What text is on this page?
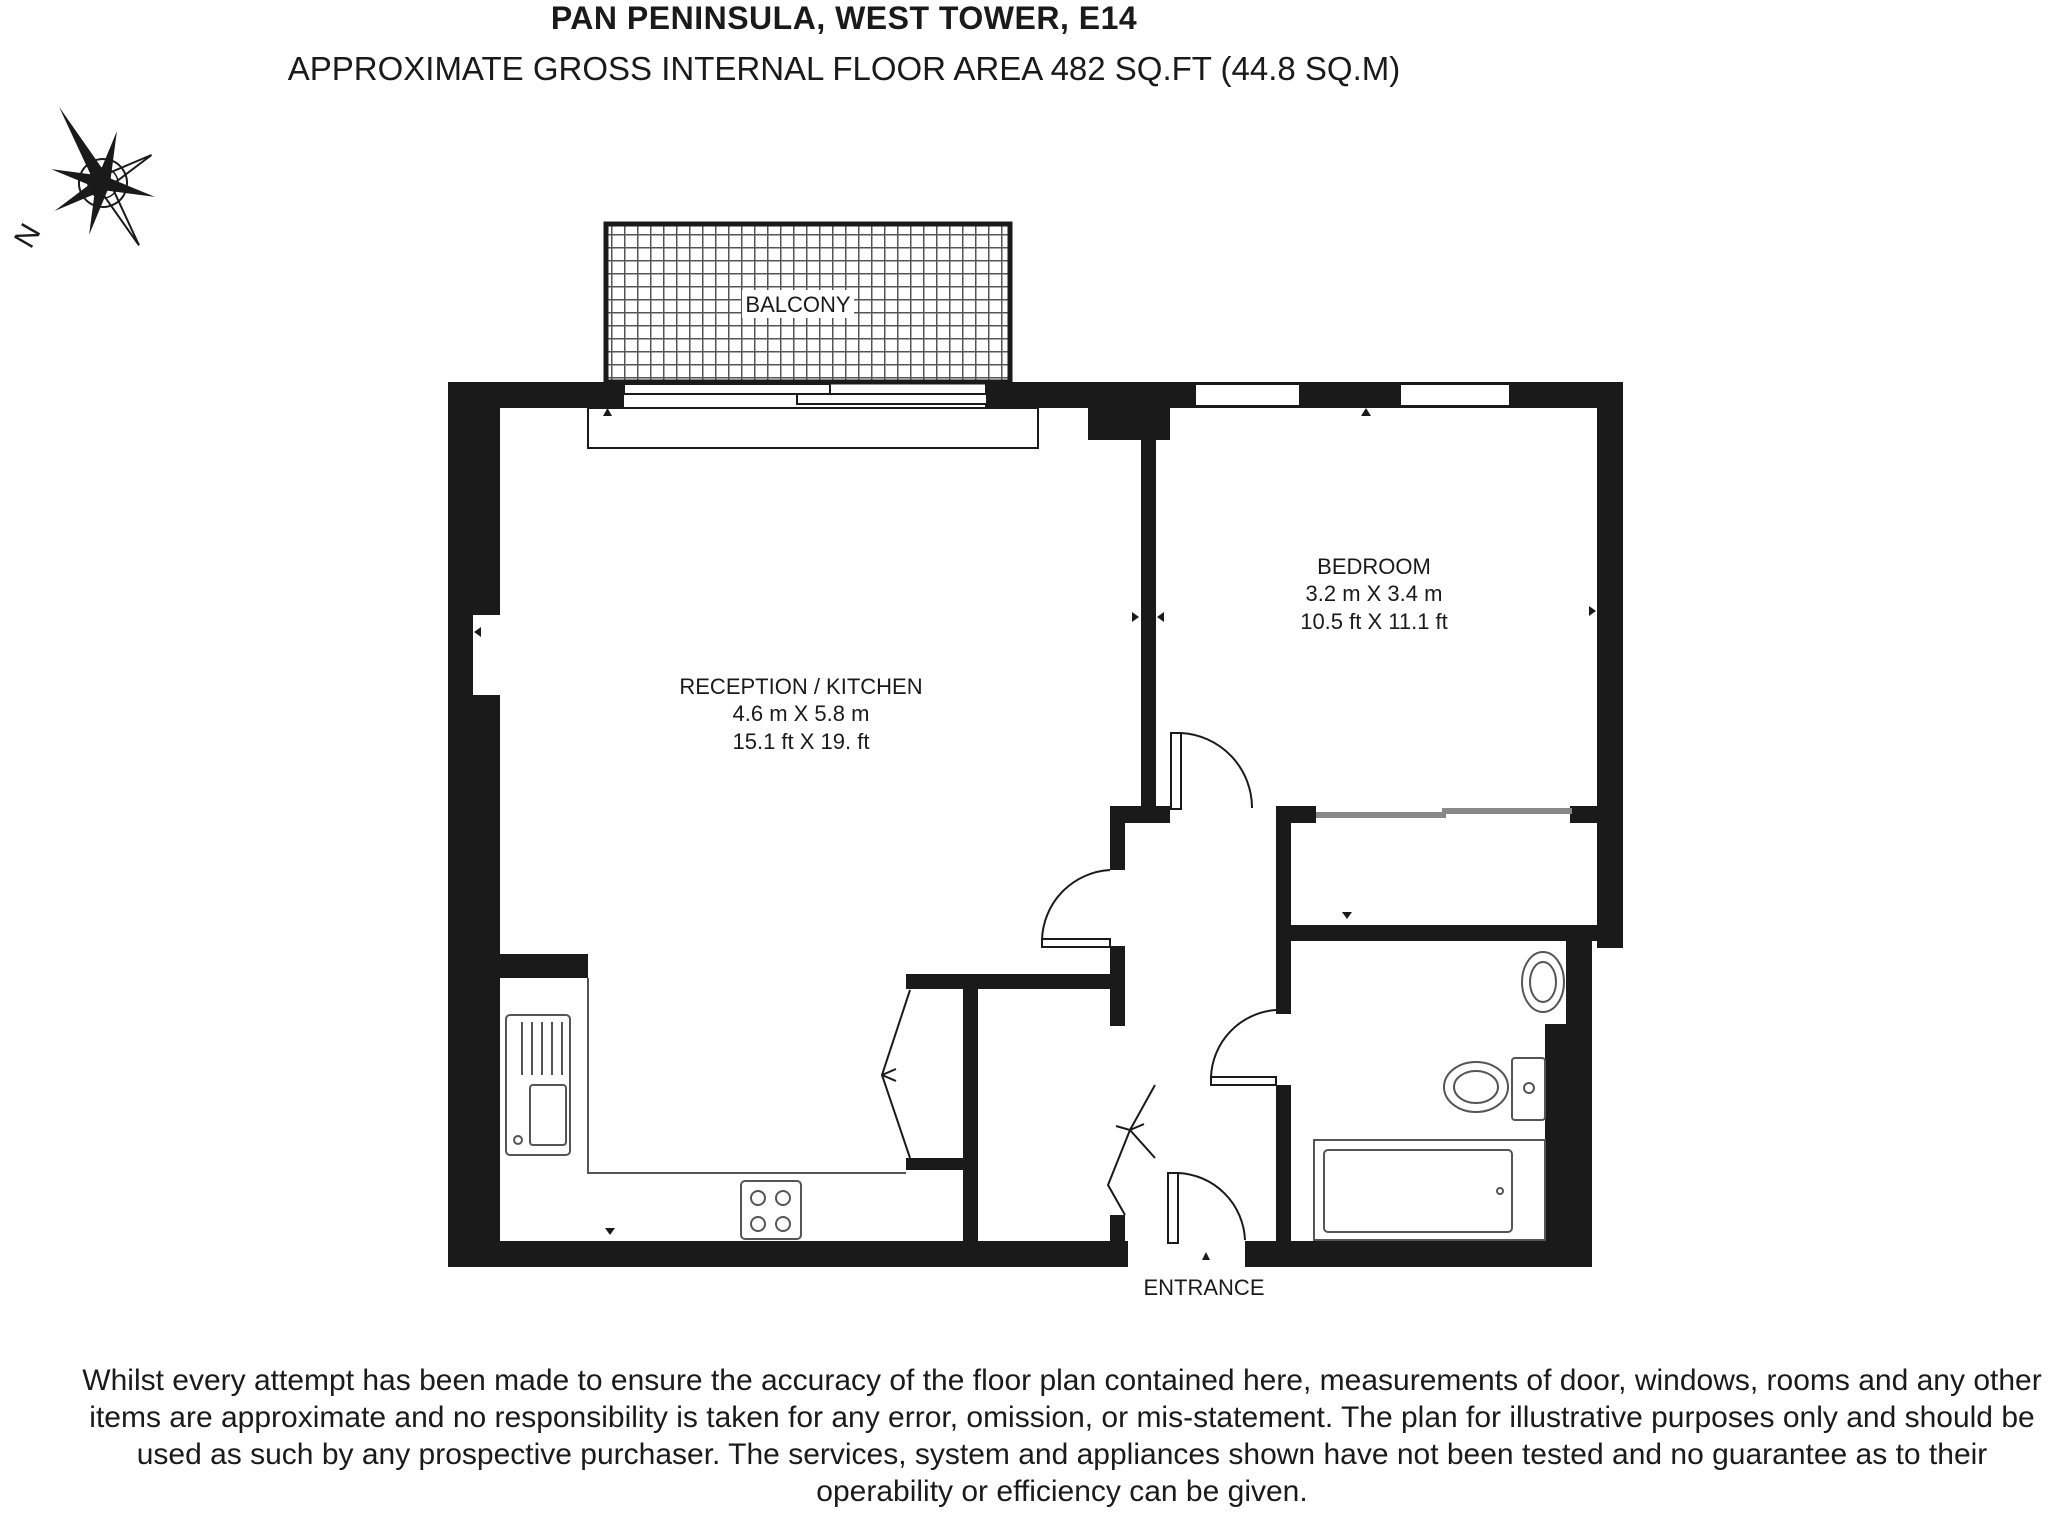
PAN PENINSULA, WEST TOWER, E14
APPROXIMATE GROSS INTERNAL FLOOR AREA 482 SQ.FT (44.8 SQ.M)
N
BALCONY
RECEPTION / KITCHEN
4.6 m X 5.8 m
15.1 ft X 19. ft
BEDROOM
3.2 m X 3.4 m
10.5 ft X 11.1 ft
ENTRANCE
Whilst every attempt has been made to ensure the accuracy of the floor plan contained here, measurements of door, windows, rooms and any other items are approximate and no responsibility is taken for any error, omission, or mis-statement. The plan for illustrative purposes only and should be used as such by any prospective purchaser. The services, system and appliances shown have not been tested and no guarantee as to their operability or efficiency can be given.
